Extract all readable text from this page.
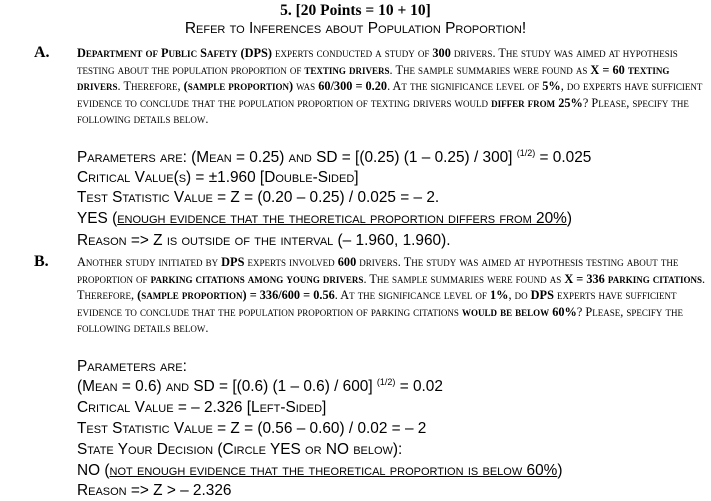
5. [20 Points = 10 + 10]
Refer to Inferences about Population Proportion!
A. Department of Public Safety (DPS) experts conducted a study of 300 drivers. The study was aimed at hypothesis testing about the population proportion of texting drivers. The sample summaries were found as X = 60 texting drivers. Therefore, (sample proportion) was 60/300 = 0.20. At the significance level of 5%, do experts have sufficient evidence to conclude that the population proportion of texting drivers would differ from 25%? Please, specify the following details below.
Parameters are: (Mean = 0.25) and SD = [(0.25) (1 – 0.25) / 300] $^{(1/2)}$ = 0.025
Critical Value(s) = ±1.960 [Double-Sided]
Test Statistic Value = Z = (0.20 – 0.25) / 0.025 = – 2.
YES (enough evidence that the theoretical proportion differs from 20%)
Reason => Z is outside of the interval (– 1.960, 1.960).
B. Another study initiated by DPS experts involved 600 drivers. The study was aimed at hypothesis testing about the proportion of parking citations among young drivers. The sample summaries were found as X = 336 parking citations. Therefore, (sample proportion) = 336/600 = 0.56. At the significance level of 1%, do DPS experts have sufficient evidence to conclude that the population proportion of parking citations would be below 60%? Please, specify the following details below.
Parameters are:
(Mean = 0.6) and SD = [(0.6) (1 – 0.6) / 600] $^{(1/2)}$ = 0.02
Critical Value = – 2.326 [Left-Sided]
Test Statistic Value = Z = (0.56 – 0.60) / 0.02 = – 2
State Your Decision (Circle YES or NO below):
NO (not enough evidence that the theoretical proportion is below 60%)
Reason => Z > – 2.326
